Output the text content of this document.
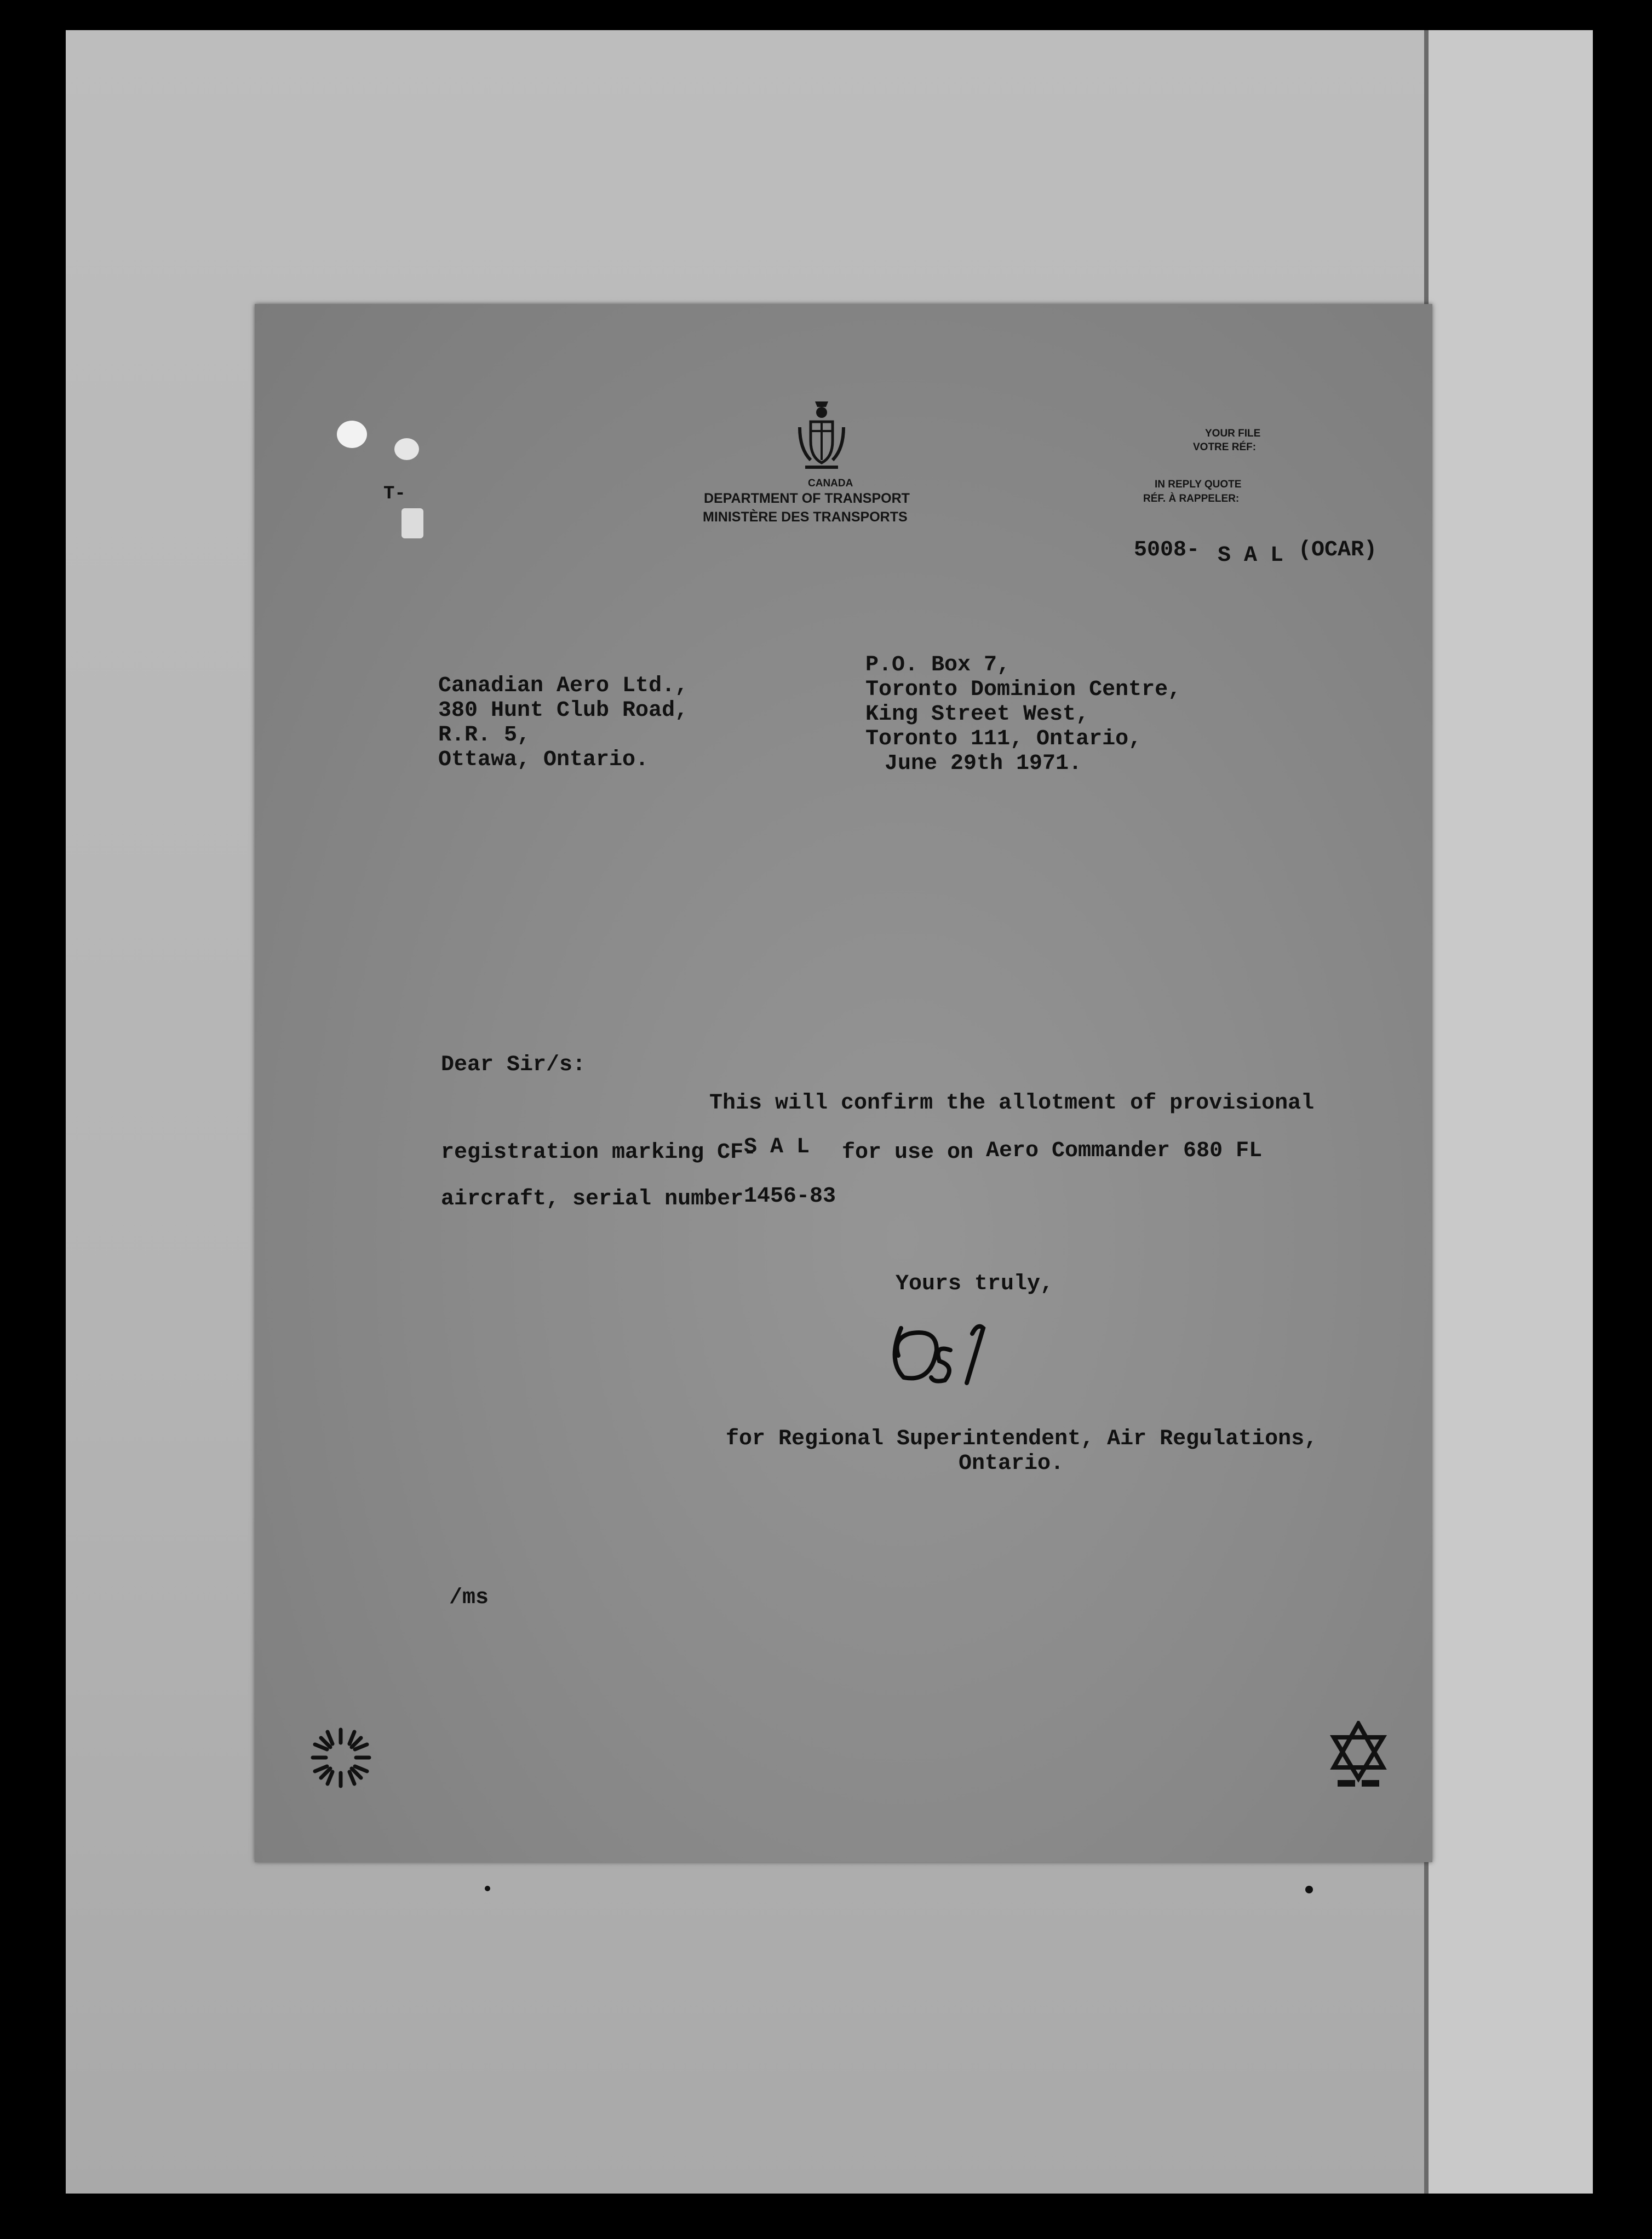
T-
CANADA
DEPARTMENT OF TRANSPORT
MINISTÈRE DES TRANSPORTS
YOUR FILE
VOTRE RÉF:
IN REPLY QUOTE
RÉF. À RAPPELER:
5008- S A L (OCAR)
Canadian Aero Ltd.,
380 Hunt Club Road,
R.R. 5,
Ottawa, Ontario.
P.O. Box 7,
Toronto Dominion Centre,
King Street West,
Toronto 111, Ontario,
June 29th 1971.
Dear Sir/s:
This will confirm the allotment of provisional
registration marking CF-
S A L for use on Aero Commander 680 FL
aircraft, serial number 1456-83
Yours truly,
for Regional Superintendent, Air Regulations,
Ontario.
/ms
